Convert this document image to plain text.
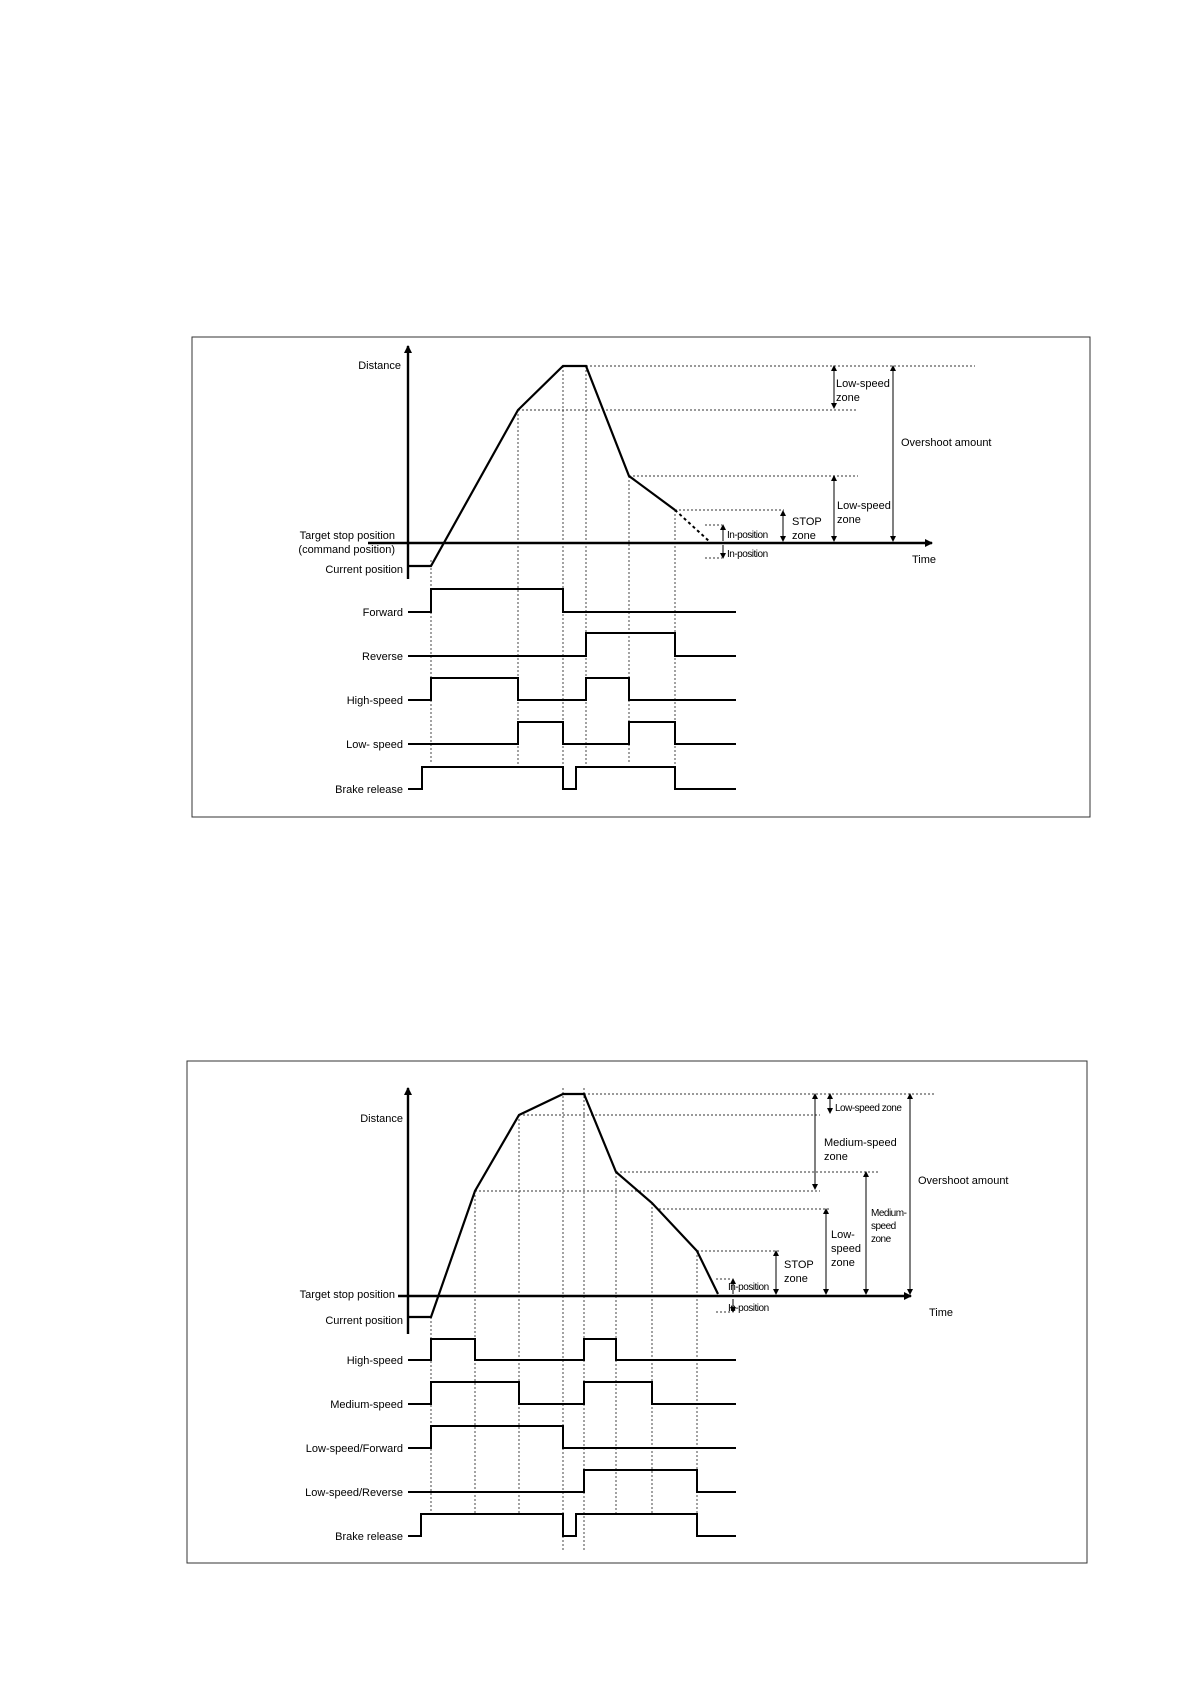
Distance
Time
Target stop position
(command position)
Current position
Low-speed
zone
Overshoot amount
Low-speed
zone
STOP
zone
In-position
In-position
Forward
Reverse
High-speed
Low- speed
Brake release
Distance
Time
Target stop position
Current position
Low-speed zone
Medium-speed
zone
Overshoot amount
Medium-
speed
zone
Low-
speed
zone
STOP
zone
In-position
In-position
High-speed
Medium-speed
Low-speed/Forward
Low-speed/Reverse
Brake release
